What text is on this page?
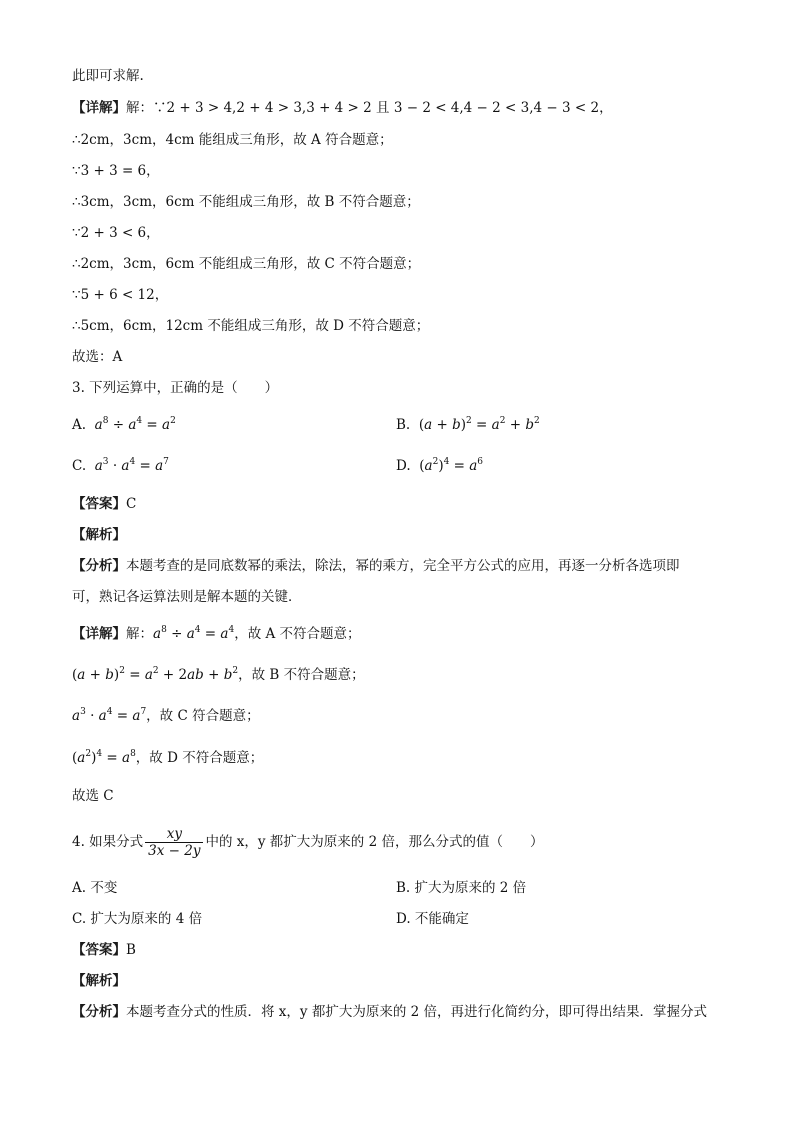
此即可求解.
【详解】解：∵2 + 3 > 4,2 + 4 > 3,3 + 4 > 2 且 3 − 2 < 4,4 − 2 < 3,4 − 3 < 2，
∴2cm，3cm，4cm 能组成三角形，故 A 符合题意；
∵3 + 3 = 6，
∴3cm，3cm，6cm 不能组成三角形，故 B 不符合题意；
∵2 + 3 < 6，
∴2cm，3cm，6cm 不能组成三角形，故 C 不符合题意；
∵5 + 6 < 12，
∴5cm，6cm，12cm 不能组成三角形，故 D 不符合题意；
故选：A
3. 下列运算中，正确的是（　　）
A. $a^8 \div a^4 = a^2$	B. $(a + b)^2 = a^2 + b^2$
C. $a^3 \cdot a^4 = a^7$	D. $(a^2)^4 = a^6$
【答案】C
【解析】
【分析】本题考查的是同底数幂的乘法，除法，幂的乘方，完全平方公式的应用，再逐一分析各选项即
可，熟记各运算法则是解本题的关键．
【详解】解：$a^8 \div a^4 = a^4$，故 A 不符合题意；
$(a + b)^2 = a^2 + 2ab + b^2$，故 B 不符合题意；
$a^3 \cdot a^4 = a^7$，故 C 符合题意；
$(a^2)^4 = a^8$，故 D 不符合题意；
故选 C
4. 如果分式 $\frac{xy}{3x - 2y}$ 中的 x，y 都扩大为原来的 2 倍，那么分式的值（　　）
A. 不变	B. 扩大为原来的 2 倍
C. 扩大为原来的 4 倍	D. 不能确定
【答案】B
【解析】
【分析】本题考查分式的性质．将 x，y 都扩大为原来的 2 倍，再进行化简约分，即可得出结果．掌握分式
